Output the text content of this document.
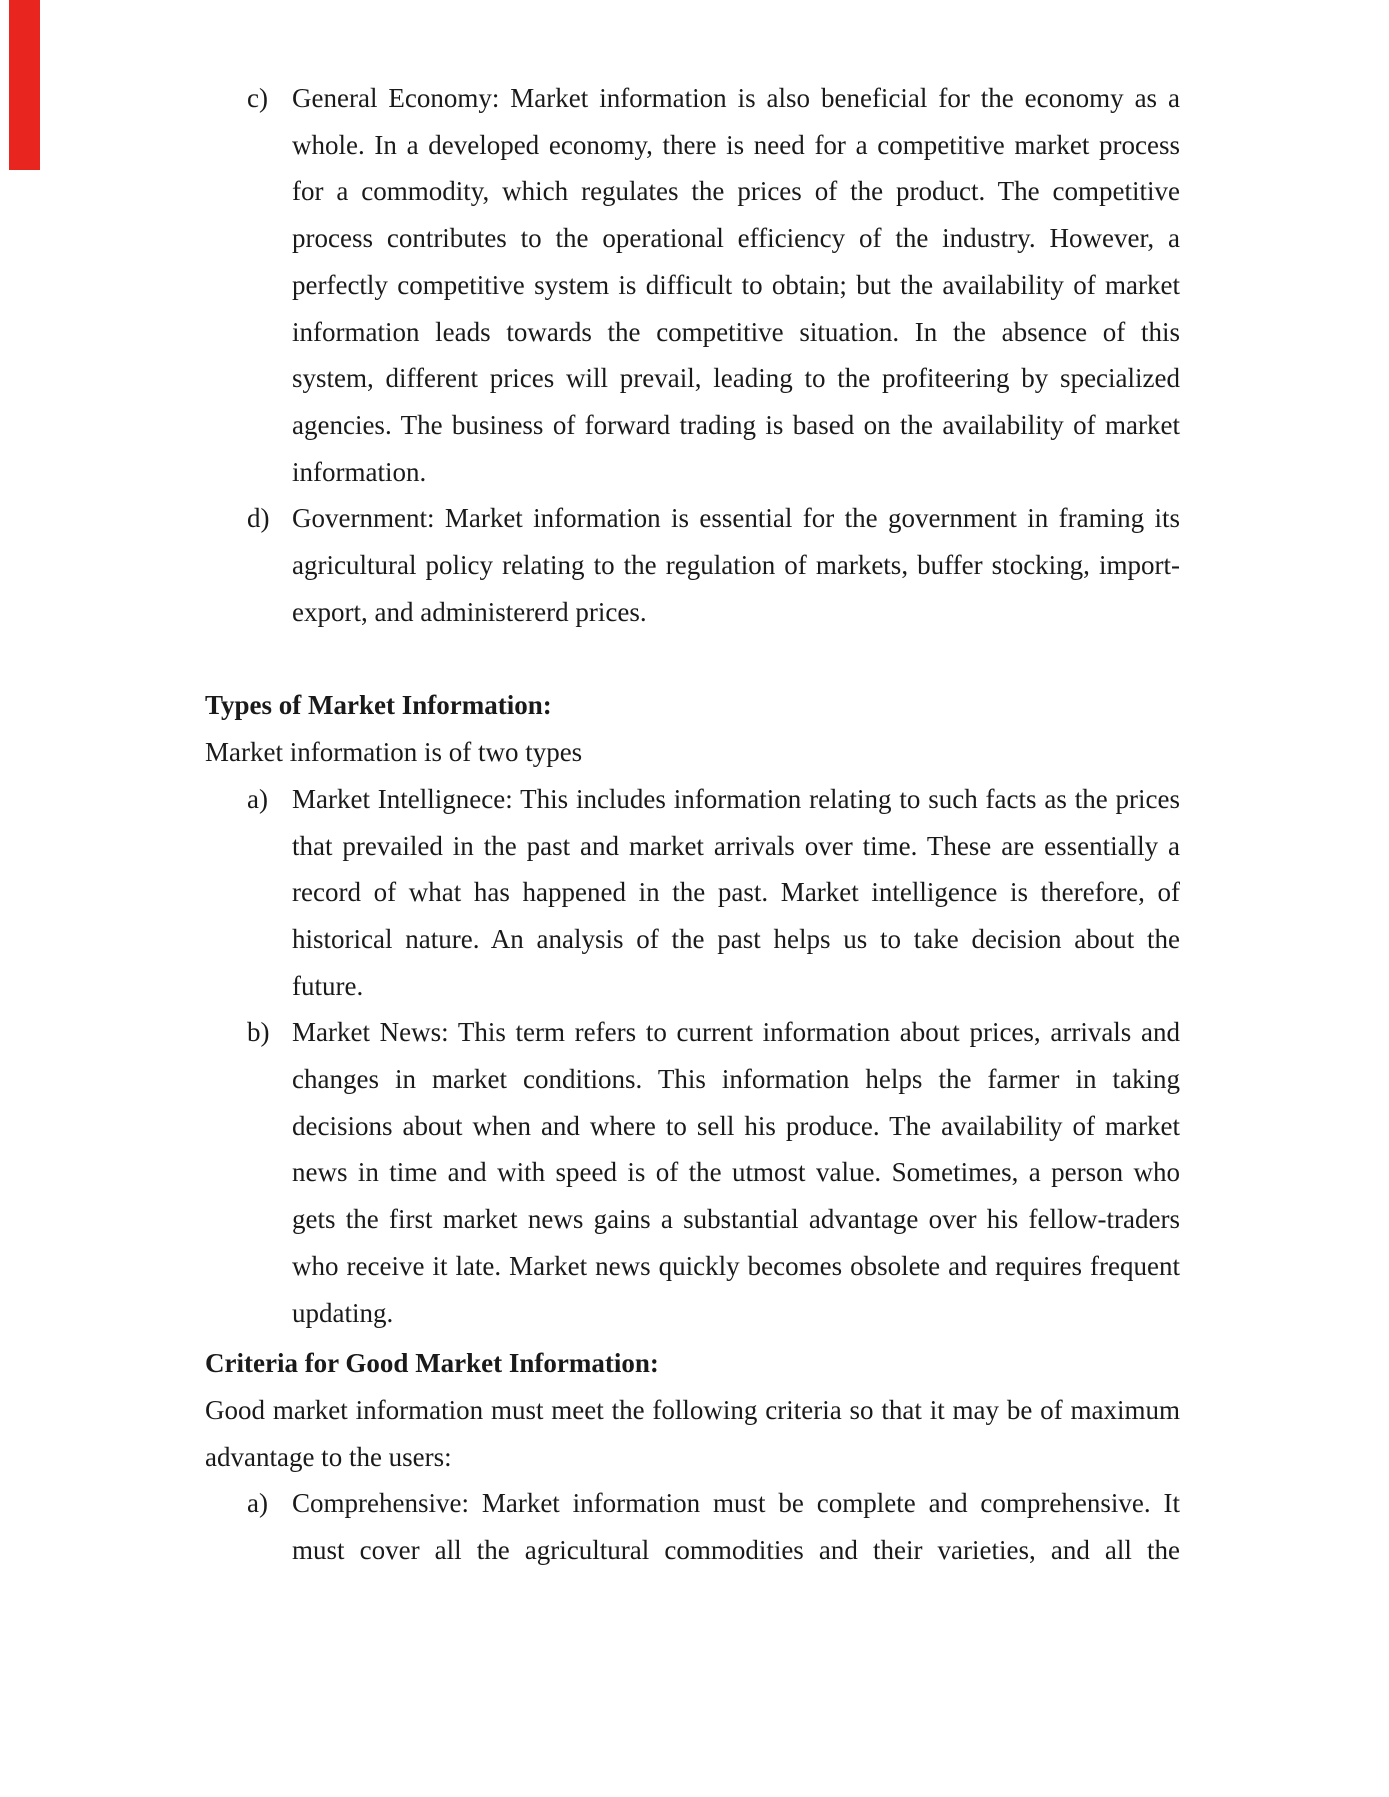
c) General Economy: Market information is also beneficial for the economy as a
whole. In a developed economy, there is need for a competitive market process
for a commodity, which regulates the prices of the product. The competitive
process contributes to the operational efficiency of the industry. However, a
perfectly competitive system is difficult to obtain; but the availability of market
information leads towards the competitive situation. In the absence of this
system, different prices will prevail, leading to the profiteering by specialized
agencies. The business of forward trading is based on the availability of market
information.
d) Government: Market information is essential for the government in framing its
agricultural policy relating to the regulation of markets, buffer stocking, import-
export, and administererd prices.
Types of Market Information:
Market information is of two types
a) Market Intellignece: This includes information relating to such facts as the prices
that prevailed in the past and market arrivals over time. These are essentially a
record of what has happened in the past. Market intelligence is therefore, of
historical nature. An analysis of the past helps us to take decision about the
future.
b) Market News: This term refers to current information about prices, arrivals and
changes in market conditions. This information helps the farmer in taking
decisions about when and where to sell his produce. The availability of market
news in time and with speed is of the utmost value. Sometimes, a person who
gets the first market news gains a substantial advantage over his fellow-traders
who receive it late. Market news quickly becomes obsolete and requires frequent
updating.
Criteria for Good Market Information:
Good market information must meet the following criteria so that it may be of maximum
advantage to the users:
a) Comprehensive: Market information must be complete and comprehensive. It
must cover all the agricultural commodities and their varieties, and all the
